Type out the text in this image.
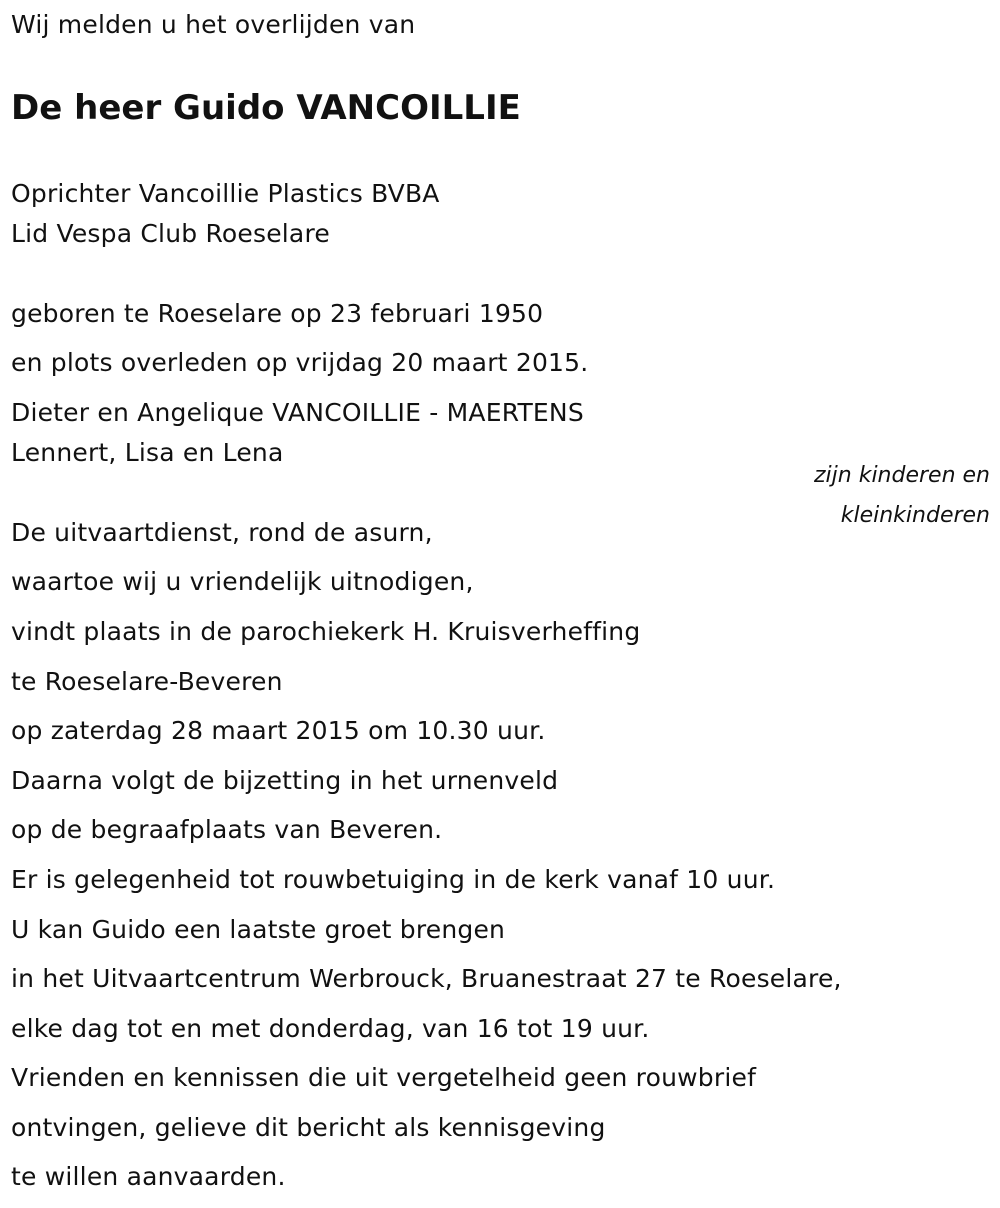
Wij melden u het overlijden van
De heer Guido VANCOILLIE
Oprichter Vancoillie Plastics BVBA
Lid Vespa Club Roeselare
geboren te Roeselare op 23 februari 1950
en plots overleden op vrijdag 20 maart 2015.
Dieter en Angelique VANCOILLIE - MAERTENS
Lennert, Lisa en Lena
zijn kinderen en
kleinkinderen
De uitvaartdienst, rond de asurn,
waartoe wij u vriendelijk uitnodigen,
vindt plaats in de parochiekerk H. Kruisverheffing
te Roeselare-Beveren
op zaterdag 28 maart 2015 om 10.30 uur.
Daarna volgt de bijzetting in het urnenveld
op de begraafplaats van Beveren.
Er is gelegenheid tot rouwbetuiging in de kerk vanaf 10 uur.
U kan Guido een laatste groet brengen
in het Uitvaartcentrum Werbrouck, Bruanestraat 27 te Roeselare,
elke dag tot en met donderdag, van 16 tot 19 uur.
Vrienden en kennissen die uit vergetelheid geen rouwbrief
ontvingen, gelieve dit bericht als kennisgeving
te willen aanvaarden.
